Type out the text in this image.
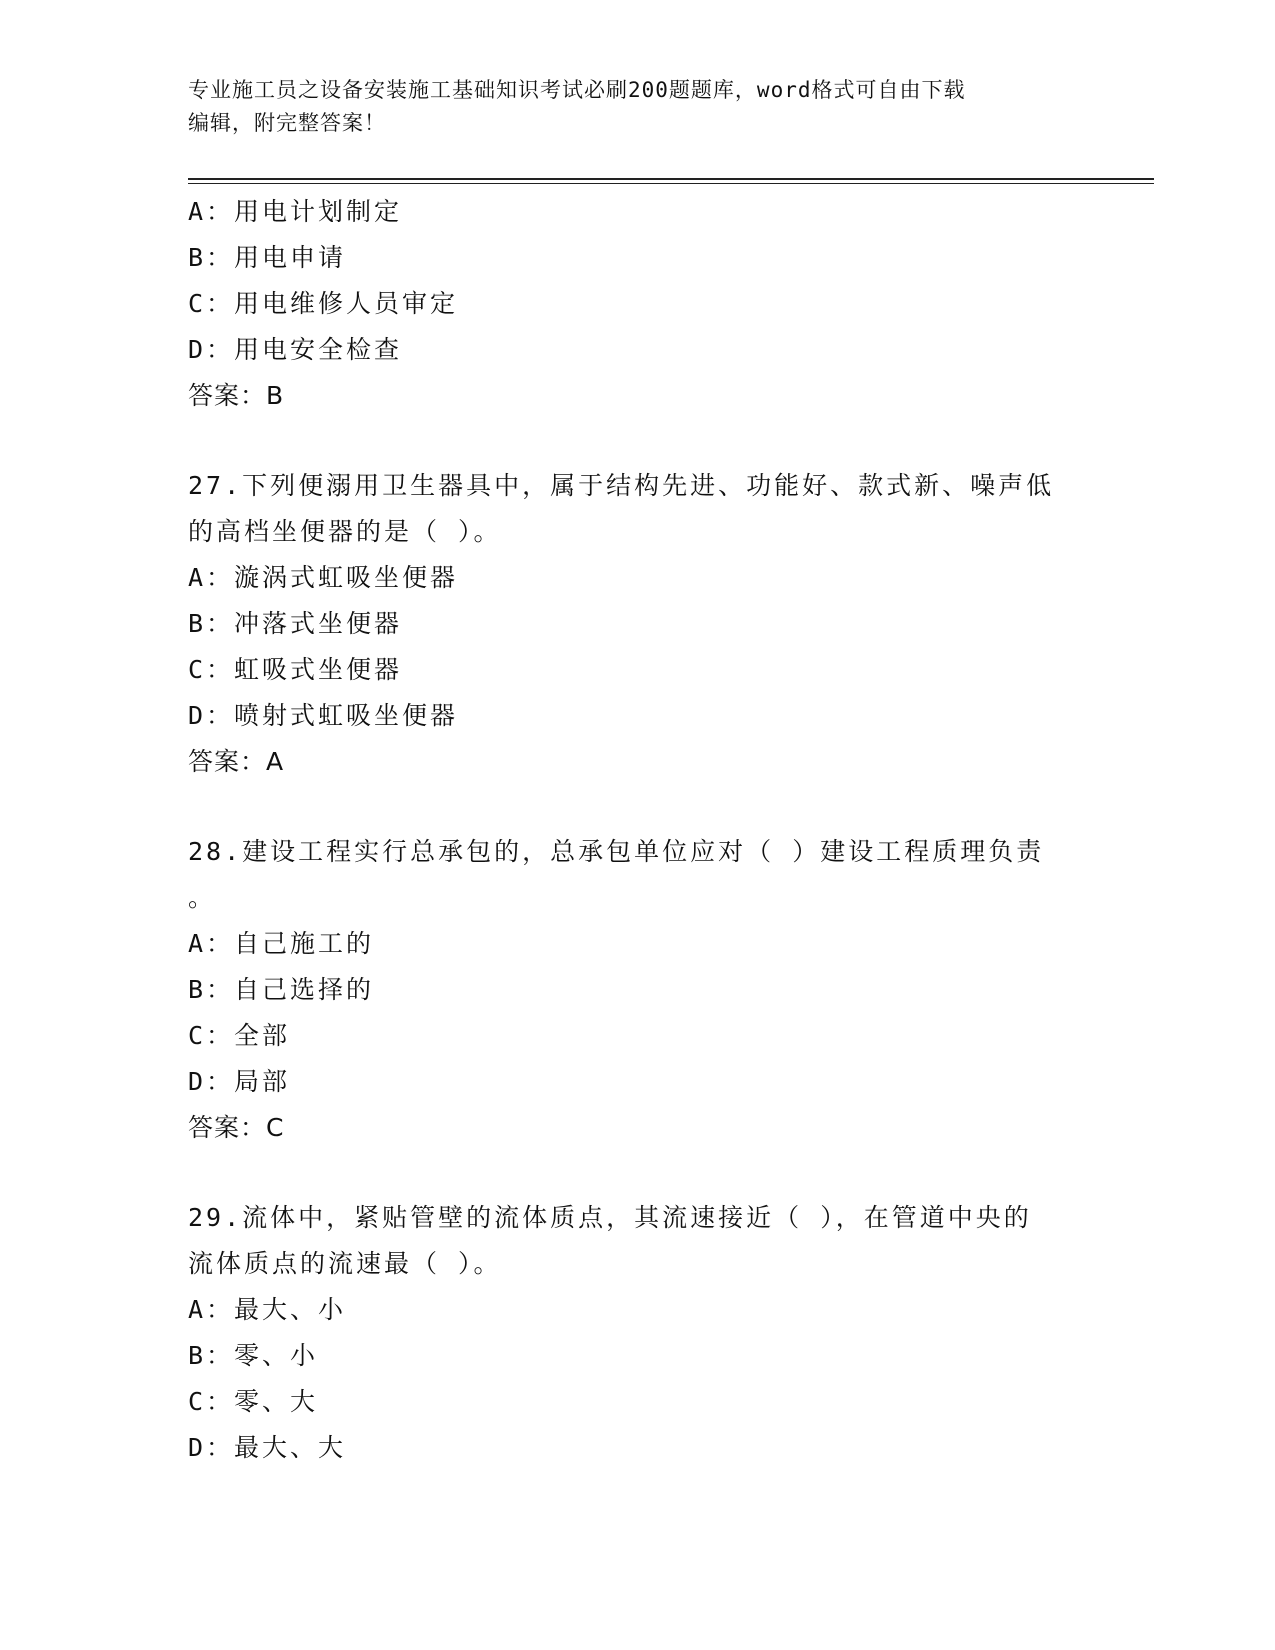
专业施工员之设备安装施工基础知识考试必刷200题题库，word格式可自由下载
编辑，附完整答案！
A：用电计划制定
B：用电申请
C：用电维修人员审定
D：用电安全检查
答案：B
27.下列便溺用卫生器具中，属于结构先进、功能好、款式新、噪声低
的高档坐便器的是（ ）。
A：漩涡式虹吸坐便器
B：冲落式坐便器
C：虹吸式坐便器
D：喷射式虹吸坐便器
答案：A
28.建设工程实行总承包的，总承包单位应对（ ）建设工程质理负责
。
A：自己施工的
B：自己选择的
C：全部
D：局部
答案：C
29.流体中，紧贴管壁的流体质点，其流速接近（ ），在管道中央的
流体质点的流速最（ ）。
A：最大、小
B：零、小
C：零、大
D：最大、大
